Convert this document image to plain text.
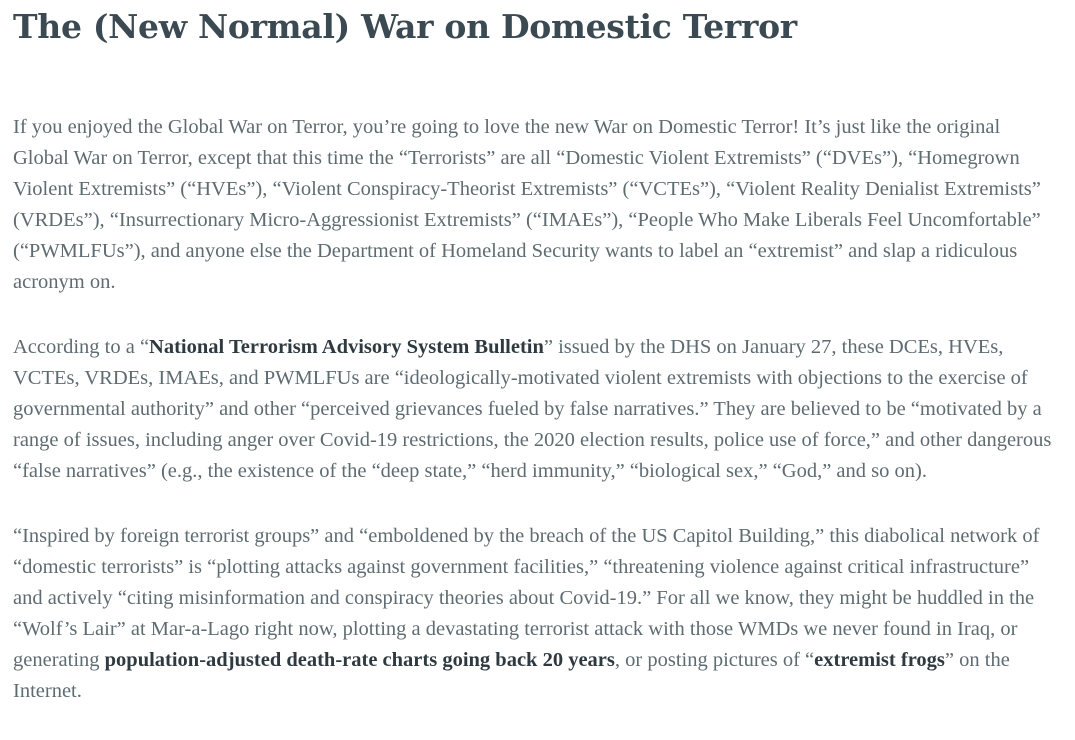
The (New Normal) War on Domestic Terror

If you enjoyed the Global War on Terror, you’re going to love the new War on Domestic Terror! It’s just like the original Global War on Terror, except that this time the “Terrorists” are all “Domestic Violent Extremists” (“DVEs”), “Homegrown Violent Extremists” (“HVEs”), “Violent Conspiracy-Theorist Extremists” (“VCTEs”), “Violent Reality Denialist Extremists” (VRDEs”), “Insurrectionary Micro-Aggressionist Extremists” (“IMAEs”), “People Who Make Liberals Feel Uncomfortable” (“PWMLFUs”), and anyone else the Department of Homeland Security wants to label an “extremist” and slap a ridiculous acronym on.

According to a “National Terrorism Advisory System Bulletin” issued by the DHS on January 27, these DCEs, HVEs, VCTEs, VRDEs, IMAEs, and PWMLFUs are “ideologically-motivated violent extremists with objections to the exercise of governmental authority” and other “perceived grievances fueled by false narratives.” They are believed to be “motivated by a range of issues, including anger over Covid-19 restrictions, the 2020 election results, police use of force,” and other dangerous “false narratives” (e.g., the existence of the “deep state,” “herd immunity,” “biological sex,” “God,” and so on).

“Inspired by foreign terrorist groups” and “emboldened by the breach of the US Capitol Building,” this diabolical network of “domestic terrorists” is “plotting attacks against government facilities,” “threatening violence against critical infrastructure” and actively “citing misinformation and conspiracy theories about Covid-19.” For all we know, they might be huddled in the “Wolf’s Lair” at Mar-a-Lago right now, plotting a devastating terrorist attack with those WMDs we never found in Iraq, or generating population-adjusted death-rate charts going back 20 years, or posting pictures of “extremist frogs” on the Internet.
